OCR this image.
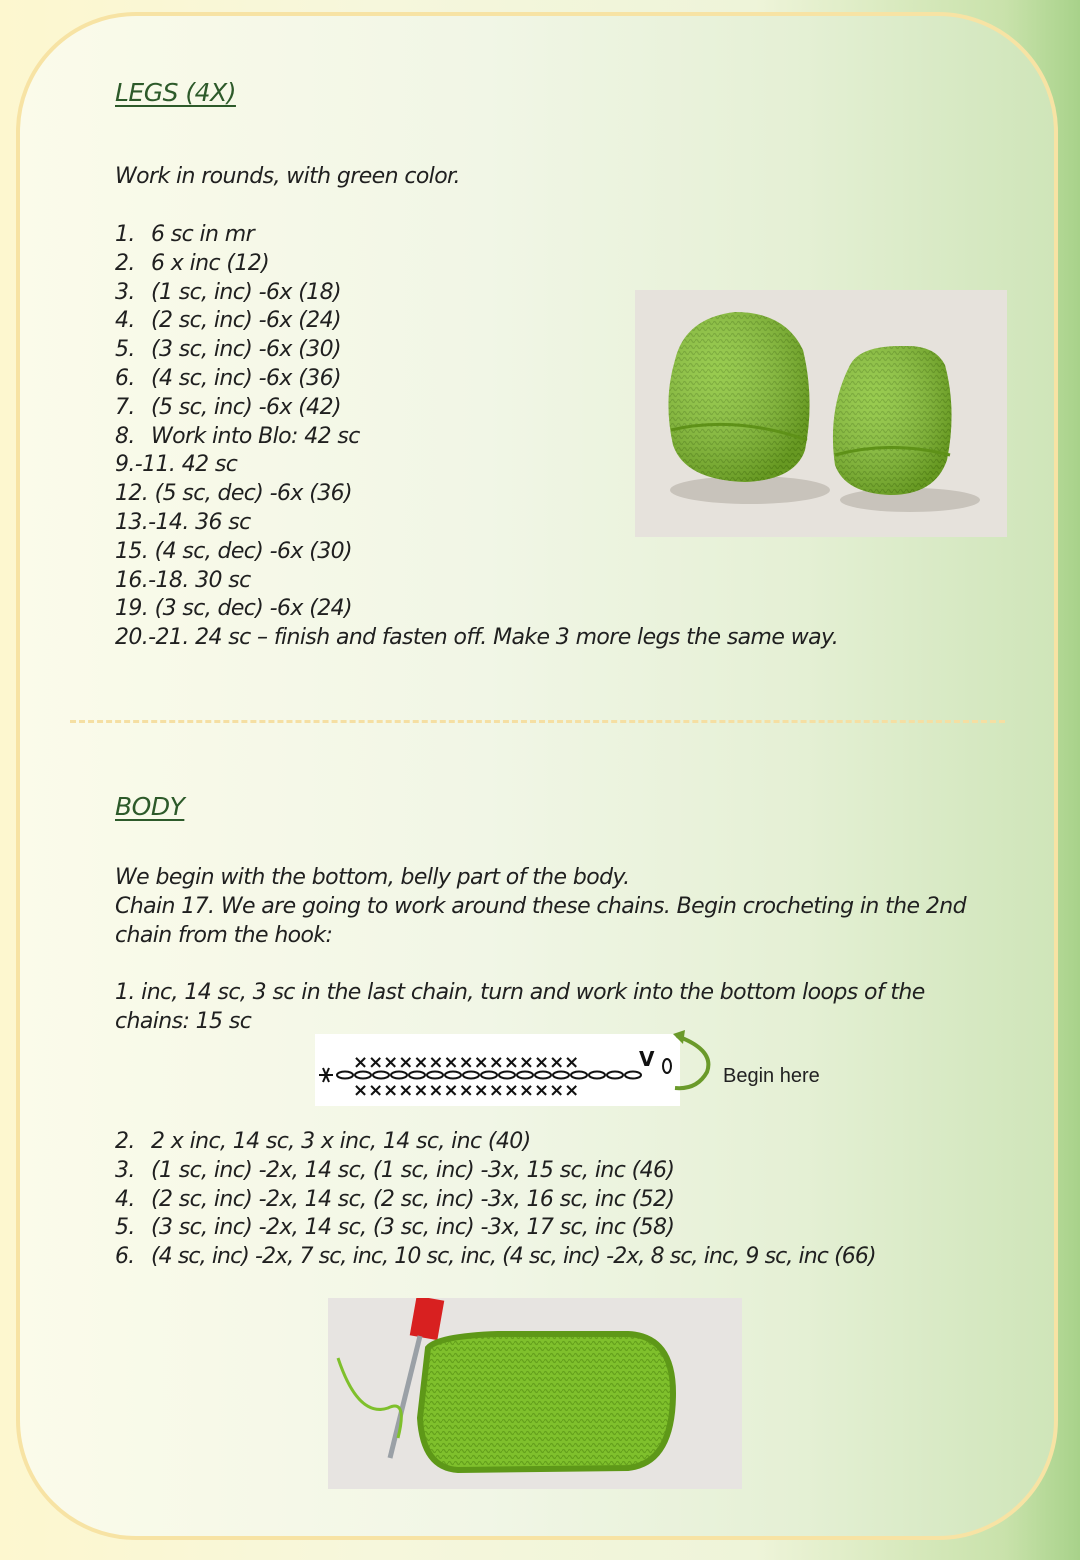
LEGS (4X)
Work in rounds, with green color.
1. 6 sc in mr
2. 6 x inc (12)
3. (1 sc, inc) -6x (18)
4. (2 sc, inc) -6x (24)
5. (3 sc, inc) -6x (30)
6. (4 sc, inc) -6x (36)
7. (5 sc, inc) -6x (42)
8. Work into Blo: 42 sc
9.-11. 42 sc
12. (5 sc, dec) -6x (36)
13.-14. 36 sc
15. (4 sc, dec) -6x (30)
16.-18. 30 sc
19. (3 sc, dec) -6x (24)
20.-21. 24 sc – finish and fasten off. Make 3 more legs the same way.
BODY
We begin with the bottom, belly part of the body.
Chain 17. We are going to work around these chains. Begin crocheting in the 2nd
chain from the hook:
1. inc, 14 sc, 3 sc in the last chain, turn and work into the bottom loops of the
chains: 15 sc
×××××××××××××××	V
×××××××××××××××
Begin here
2. 2 x inc, 14 sc, 3 x inc, 14 sc, inc (40)
3. (1 sc, inc) -2x, 14 sc, (1 sc, inc) -3x, 15 sc, inc (46)
4. (2 sc, inc) -2x, 14 sc, (2 sc, inc) -3x, 16 sc, inc (52)
5. (3 sc, inc) -2x, 14 sc, (3 sc, inc) -3x, 17 sc, inc (58)
6. (4 sc, inc) -2x, 7 sc, inc, 10 sc, inc, (4 sc, inc) -2x, 8 sc, inc, 9 sc, inc (66)
